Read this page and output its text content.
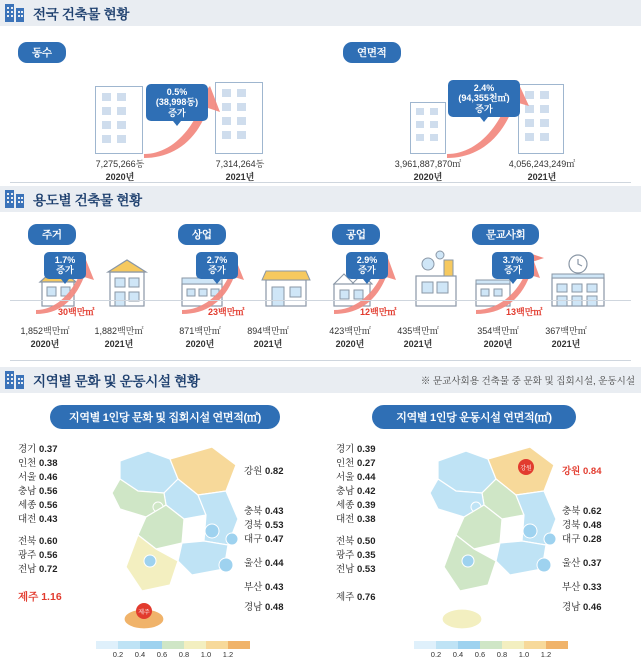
전국 건축물 현황
동수
0.5%
(38,998동)
증가
7,275,266동
2020년
7,314,264동
2021년
연면적
2.4%
(94,355천㎡)
증가
3,961,887,870㎡
2020년
4,056,243,249㎡
2021년
용도별 건축물 현황
주거
1.7%
증가
30백만㎡
1,852백만㎡
2020년
1,882백만㎡
2021년
상업
2.7%
증가
23백만㎡
871백만㎡
2020년
894백만㎡
2021년
공업
2.9%
증가
12백만㎡
423백만㎡
2020년
435백만㎡
2021년
문교사회
3.7%
증가
13백만㎡
354백만㎡
2020년
367백만㎡
2021년
지역별 문화 및 운동시설 현황	※ 문교사회용 건축물 중 문화 및 집회시설, 운동시설
지역별 1인당 문화 및 집회시설 연면적(㎡)
제주
경기 0.37
인천 0.38
서울 0.46
충남 0.56
세종 0.56
대전 0.43
전북 0.60
광주 0.56
전남 0.72
제주 1.16
강원 0.82
충북 0.43
경북 0.53
대구 0.47
울산 0.44
부산 0.43
경남 0.48
0.2	0.4	0.6	0.8	1.0	1.2
지역별 1인당 운동시설 연면적(㎡)
강원
경기 0.39
인천 0.27
서울 0.44
충남 0.42
세종 0.39
대전 0.38
전북 0.50
광주 0.35
전남 0.53
제주 0.76
강원 0.84
충북 0.62
경북 0.48
대구 0.28
울산 0.37
부산 0.33
경남 0.46
0.2	0.4	0.6	0.8	1.0	1.2
